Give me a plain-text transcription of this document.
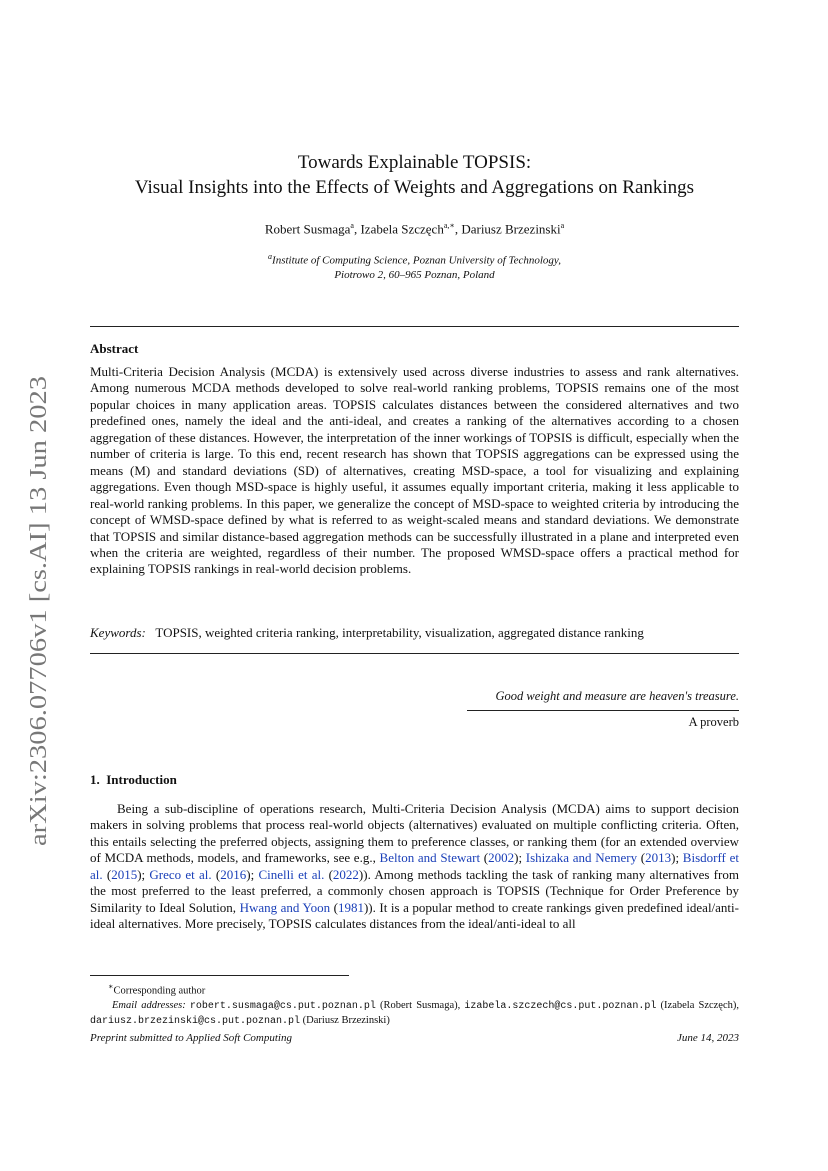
arXiv:2306.07706v1 [cs.AI] 13 Jun 2023
Towards Explainable TOPSIS:
Visual Insights into the Effects of Weights and Aggregations on Rankings
Robert Susmaga$^a$, Izabela Szczęch$^{a,∗}$, Dariusz Brzezinski$^a$
$^a$Institute of Computing Science, Poznan University of Technology,
Piotrowo 2, 60–965 Poznan, Poland
Abstract
Multi-Criteria Decision Analysis (MCDA) is extensively used across diverse industries to assess and rank alternatives. Among numerous MCDA methods developed to solve real-world ranking problems, TOPSIS remains one of the most popular choices in many application areas. TOPSIS calculates distances between the considered alternatives and two predefined ones, namely the ideal and the anti-ideal, and creates a ranking of the alternatives according to a chosen aggregation of these distances. However, the interpretation of the inner workings of TOPSIS is difficult, especially when the number of criteria is large. To this end, recent research has shown that TOPSIS aggregations can be expressed using the means (M) and standard deviations (SD) of alternatives, creating MSD-space, a tool for visualizing and explaining aggregations. Even though MSD-space is highly useful, it assumes equally important criteria, making it less applicable to real-world ranking problems. In this paper, we generalize the concept of MSD-space to weighted criteria by introducing the concept of WMSD-space defined by what is referred to as weight-scaled means and standard deviations. We demonstrate that TOPSIS and similar distance-based aggregation methods can be successfully illustrated in a plane and interpreted even when the criteria are weighted, regardless of their number. The proposed WMSD-space offers a practical method for explaining TOPSIS rankings in real-world decision problems.
Keywords: TOPSIS, weighted criteria ranking, interpretability, visualization, aggregated distance ranking
Good weight and measure are heaven's treasure.
A proverb
1. Introduction

Being a sub-discipline of operations research, Multi-Criteria Decision Analysis (MCDA) aims to support decision makers in solving problems that process real-world objects (alternatives) evaluated on multiple conflicting criteria. Often, this entails selecting the preferred objects, assigning them to preference classes, or ranking them (for an extended overview of MCDA methods, models, and frameworks, see e.g., Belton and Stewart (2002); Ishizaka and Nemery (2013); Bisdorff et al. (2015); Greco et al. (2016); Cinelli et al. (2022)). Among methods tackling the task of ranking many alternatives from the most preferred to the least preferred, a commonly chosen approach is TOPSIS (Technique for Order Preference by Similarity to Ideal Solution, Hwang and Yoon (1981)). It is a popular method to create rankings given predefined ideal/anti-ideal alternatives. More precisely, TOPSIS calculates distances from the ideal/anti-ideal to all

∗Corresponding author
Email addresses: robert.susmaga@cs.put.poznan.pl (Robert Susmaga), izabela.szczech@cs.put.poznan.pl (Izabela Szczęch), dariusz.brzezinski@cs.put.poznan.pl (Dariusz Brzezinski)
Preprint submitted to Applied Soft Computing	June 14, 2023
